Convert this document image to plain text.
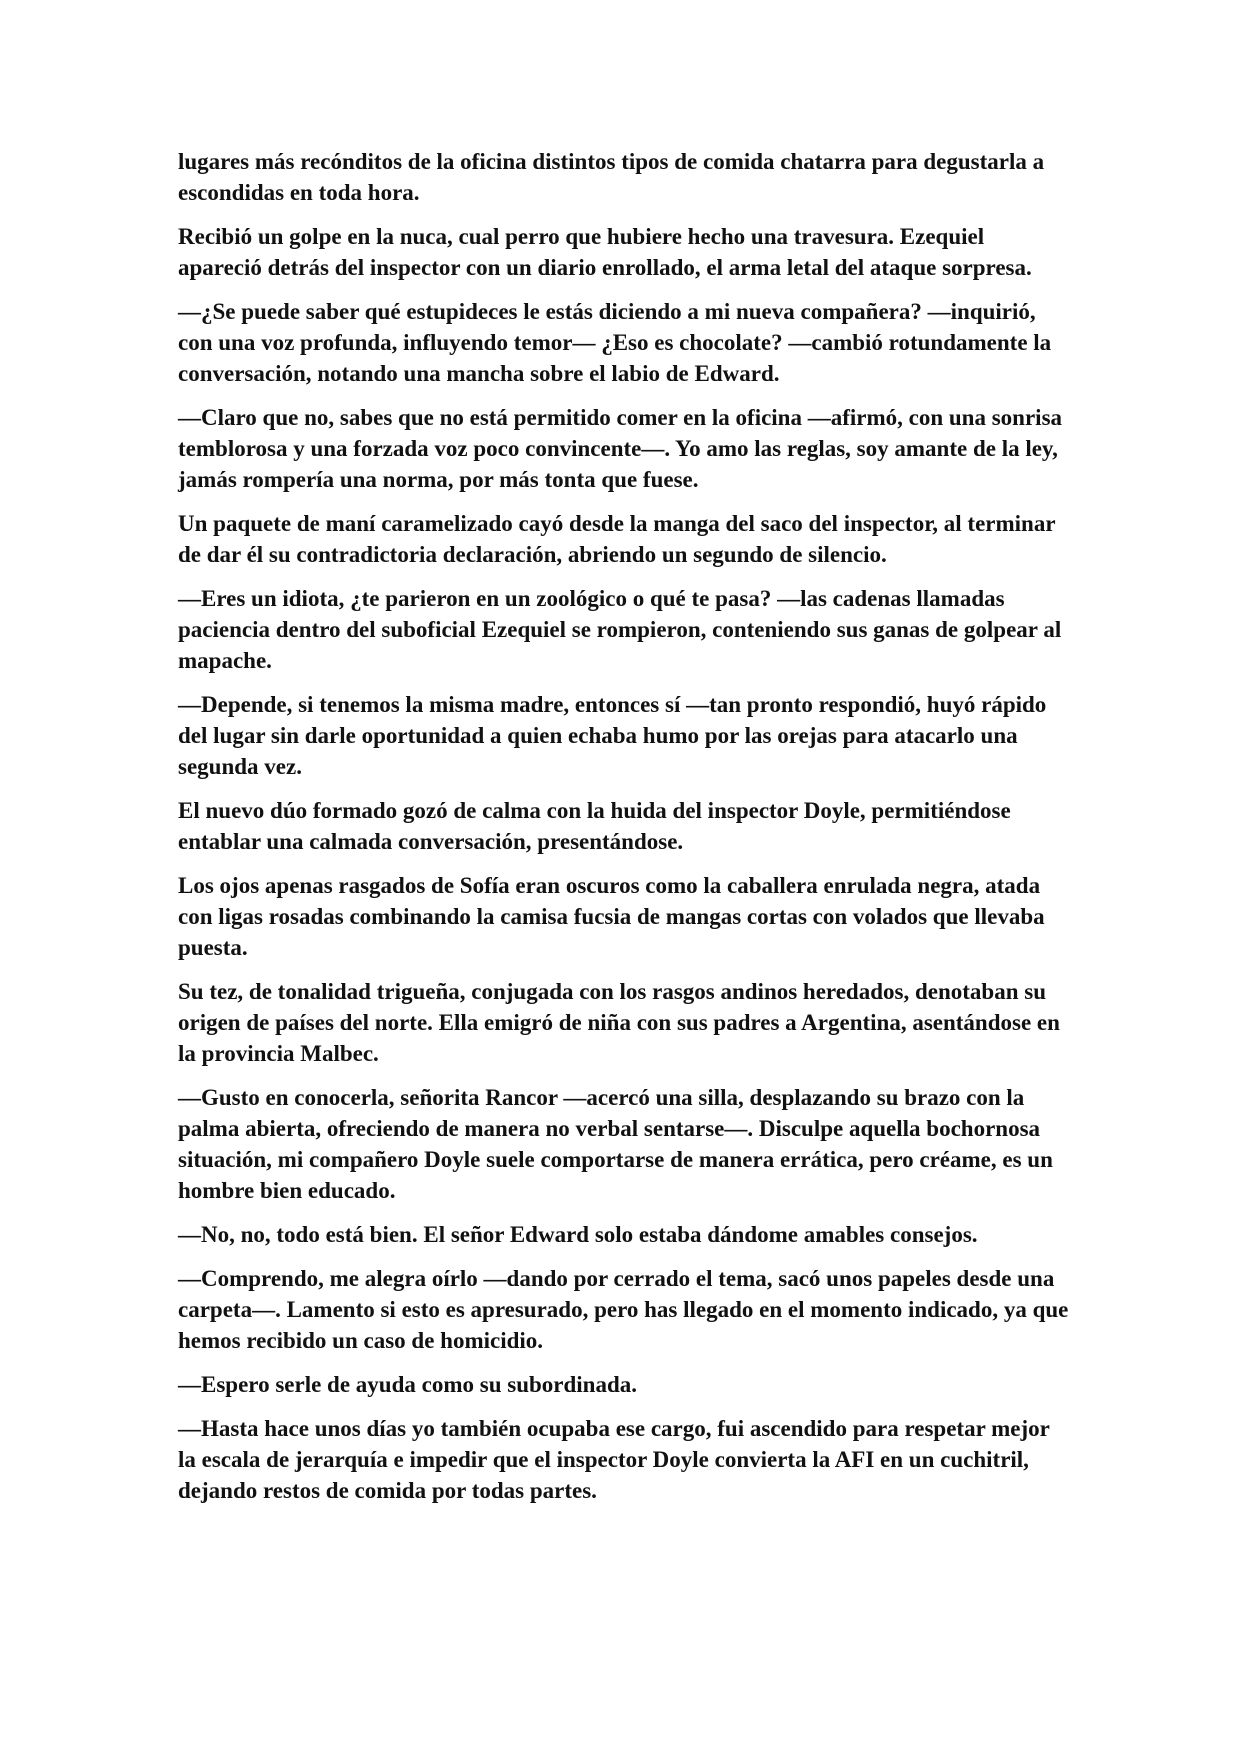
lugares más recónditos de la oficina distintos tipos de comida chatarra para degustarla a escondidas en toda hora.

Recibió un golpe en la nuca, cual perro que hubiere hecho una travesura. Ezequiel apareció detrás del inspector con un diario enrollado, el arma letal del ataque sorpresa.

—¿Se puede saber qué estupideces le estás diciendo a mi nueva compañera? —inquirió, con una voz profunda, influyendo temor— ¿Eso es chocolate? —cambió rotundamente la conversación, notando una mancha sobre el labio de Edward.

—Claro que no, sabes que no está permitido comer en la oficina —afirmó, con una sonrisa temblorosa y una forzada voz poco convincente—. Yo amo las reglas, soy amante de la ley, jamás rompería una norma, por más tonta que fuese.

Un paquete de maní caramelizado cayó desde la manga del saco del inspector, al terminar de dar él su contradictoria declaración, abriendo un segundo de silencio.

—Eres un idiota, ¿te parieron en un zoológico o qué te pasa? —las cadenas llamadas paciencia dentro del suboficial Ezequiel se rompieron, conteniendo sus ganas de golpear al mapache.

—Depende, si tenemos la misma madre, entonces sí —tan pronto respondió, huyó rápido del lugar sin darle oportunidad a quien echaba humo por las orejas para atacarlo una segunda vez.

El nuevo dúo formado gozó de calma con la huida del inspector Doyle, permitiéndose entablar una calmada conversación, presentándose.

Los ojos apenas rasgados de Sofía eran oscuros como la caballera enrulada negra, atada con ligas rosadas combinando la camisa fucsia de mangas cortas con volados que llevaba puesta.

Su tez, de tonalidad trigueña, conjugada con los rasgos andinos heredados, denotaban su origen de países del norte. Ella emigró de niña con sus padres a Argentina, asentándose en la provincia Malbec.

—Gusto en conocerla, señorita Rancor —acercó una silla, desplazando su brazo con la palma abierta, ofreciendo de manera no verbal sentarse—. Disculpe aquella bochornosa situación, mi compañero Doyle suele comportarse de manera errática, pero créame, es un hombre bien educado.

—No, no, todo está bien. El señor Edward solo estaba dándome amables consejos.

—Comprendo, me alegra oírlo —dando por cerrado el tema, sacó unos papeles desde una carpeta—. Lamento si esto es apresurado, pero has llegado en el momento indicado, ya que hemos recibido un caso de homicidio.

—Espero serle de ayuda como su subordinada.

—Hasta hace unos días yo también ocupaba ese cargo, fui ascendido para respetar mejor la escala de jerarquía e impedir que el inspector Doyle convierta la AFI en un cuchitril, dejando restos de comida por todas partes.
